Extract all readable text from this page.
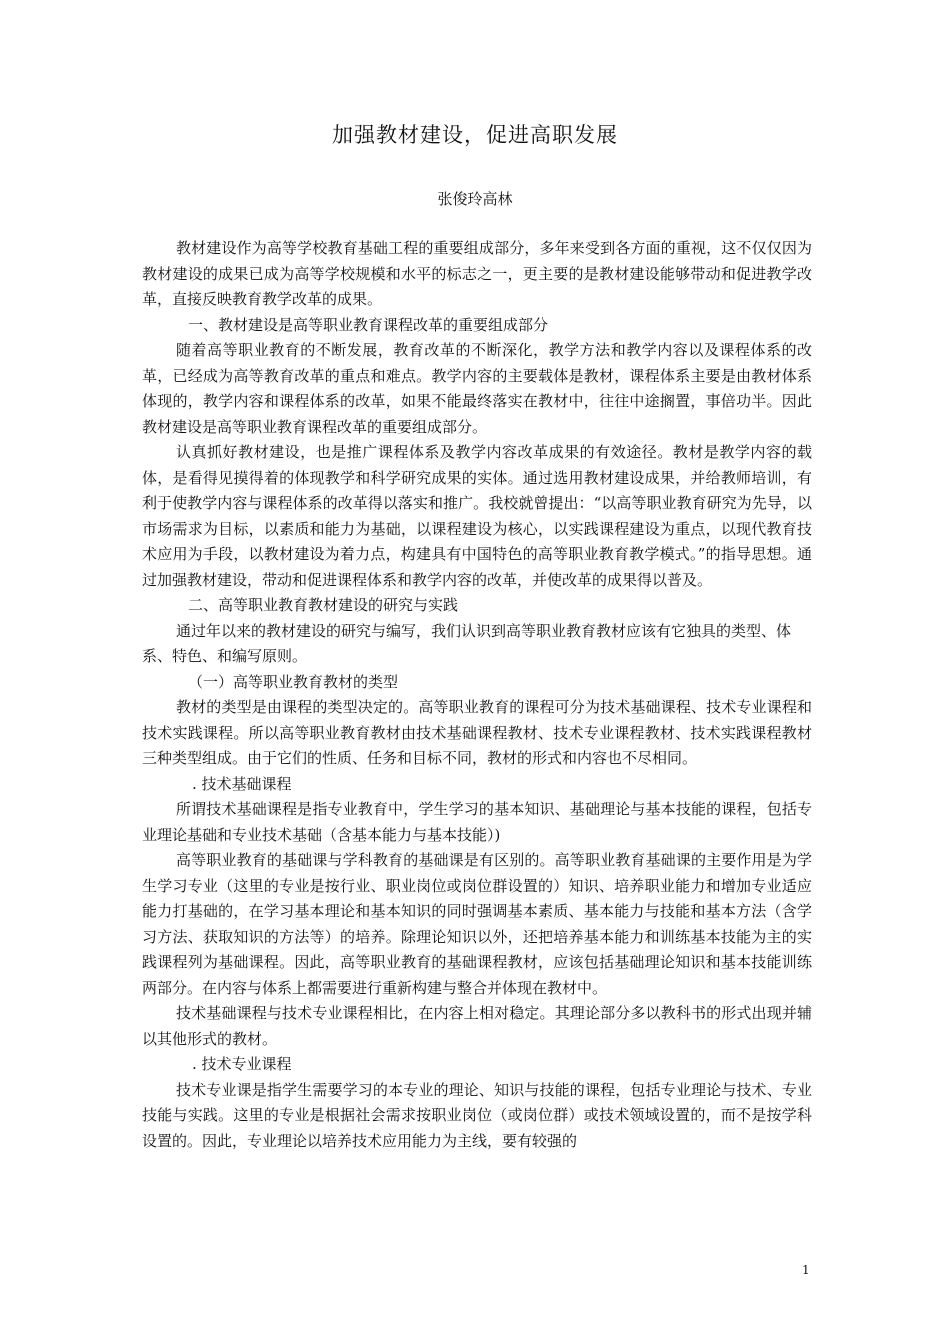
加强教材建设，促进高职发展
张俊玲高林

教材建设作为高等学校教育基础工程的重要组成部分，多年来受到各方面的重视，这不仅仅因为教材建设的成果已成为高等学校规模和水平的标志之一，更主要的是教材建设能够带动和促进教学改革，直接反映教育教学改革的成果。

一、教材建设是高等职业教育课程改革的重要组成部分

随着高等职业教育的不断发展，教育改革的不断深化，教学方法和教学内容以及课程体系的改革，已经成为高等教育改革的重点和难点。教学内容的主要载体是教材，课程体系主要是由教材体系体现的，教学内容和课程体系的改革，如果不能最终落实在教材中，往往中途搁置，事倍功半。因此教材建设是高等职业教育课程改革的重要组成部分。

认真抓好教材建设，也是推广课程体系及教学内容改革成果的有效途径。教材是教学内容的载体，是看得见摸得着的体现教学和科学研究成果的实体。通过选用教材建设成果，并给教师培训，有利于使教学内容与课程体系的改革得以落实和推广。我校就曾提出：“以高等职业教育研究为先导，以市场需求为目标，以素质和能力为基础，以课程建设为核心，以实践课程建设为重点，以现代教育技术应用为手段，以教材建设为着力点，构建具有中国特色的高等职业教育教学模式。”的指导思想。通过加强教材建设，带动和促进课程体系和教学内容的改革，并使改革的成果得以普及。

二、高等职业教育教材建设的研究与实践

通过年以来的教材建设的研究与编写，我们认识到高等职业教育教材应该有它独具的类型、体系、特色、和编写原则。

（一）高等职业教育教材的类型

教材的类型是由课程的类型决定的。高等职业教育的课程可分为技术基础课程、技术专业课程和技术实践课程。所以高等职业教育教材由技术基础课程教材、技术专业课程教材、技术实践课程教材三种类型组成。由于它们的性质、任务和目标不同，教材的形式和内容也不尽相同。

. 技术基础课程

所谓技术基础课程是指专业教育中，学生学习的基本知识、基础理论与基本技能的课程，包括专业理论基础和专业技术基础（含基本能力与基本技能）)

高等职业教育的基础课与学科教育的基础课是有区别的。高等职业教育基础课的主要作用是为学生学习专业（这里的专业是按行业、职业岗位或岗位群设置的）知识、培养职业能力和增加专业适应能力打基础的，在学习基本理论和基本知识的同时强调基本素质、基本能力与技能和基本方法（含学习方法、获取知识的方法等）的培养。除理论知识以外，还把培养基本能力和训练基本技能为主的实践课程列为基础课程。因此，高等职业教育的基础课程教材，应该包括基础理论知识和基本技能训练两部分。在内容与体系上都需要进行重新构建与整合并体现在教材中。

技术基础课程与技术专业课程相比，在内容上相对稳定。其理论部分多以教科书的形式出现并辅以其他形式的教材。

. 技术专业课程

技术专业课是指学生需要学习的本专业的理论、知识与技能的课程，包括专业理论与技术、专业技能与实践。这里的专业是根据社会需求按职业岗位（或岗位群）或技术领域设置的，而不是按学科设置的。因此，专业理论以培养技术应用能力为主线，要有较强的

1
